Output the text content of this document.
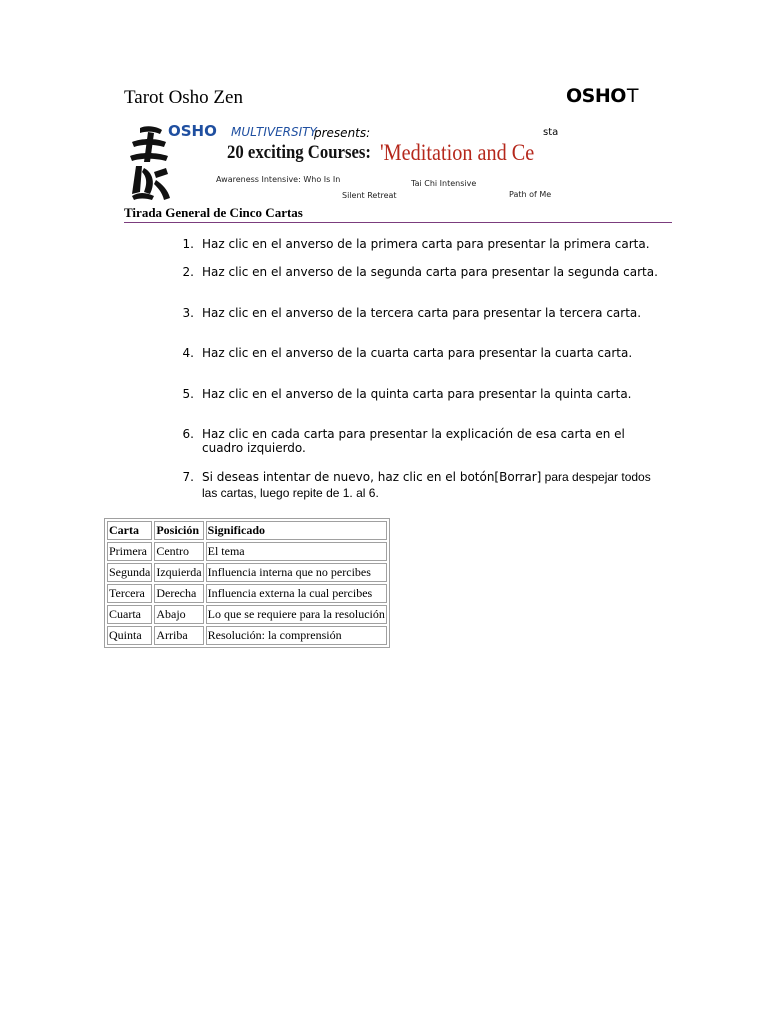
Tarot Osho Zen	OSHOT
OSHO MULTIVERSITY
presents:	sta
20 exciting Courses: 'Meditation and Ce
Awareness Intensive: Who Is In	Tai Chi Intensive
Silent Retreat	Path of Me
Tirada General de Cinco Cartas
1. Haz clic en el anverso de la primera carta para presentar la primera carta.
2. Haz clic en el anverso de la segunda carta para presentar la segunda carta.
3. Haz clic en el anverso de la tercera carta para presentar la tercera carta.
4. Haz clic en el anverso de la cuarta carta para presentar la cuarta carta.
5. Haz clic en el anverso de la quinta carta para presentar la quinta carta.
6. Haz clic en cada carta para presentar la explicación de esa carta en el cuadro izquierdo.
7. Si deseas intentar de nuevo, haz clic en el botón[Borrar] para despejar todos las cartas, luego repite de 1. al 6.
Carta	Posición	Significado
Primera	Centro	El tema
Segunda	Izquierda	Influencia interna que no percibes
Tercera	Derecha	Influencia externa la cual percibes
Cuarta	Abajo	Lo que se requiere para la resolución
Quinta	Arriba	Resolución: la comprensión
